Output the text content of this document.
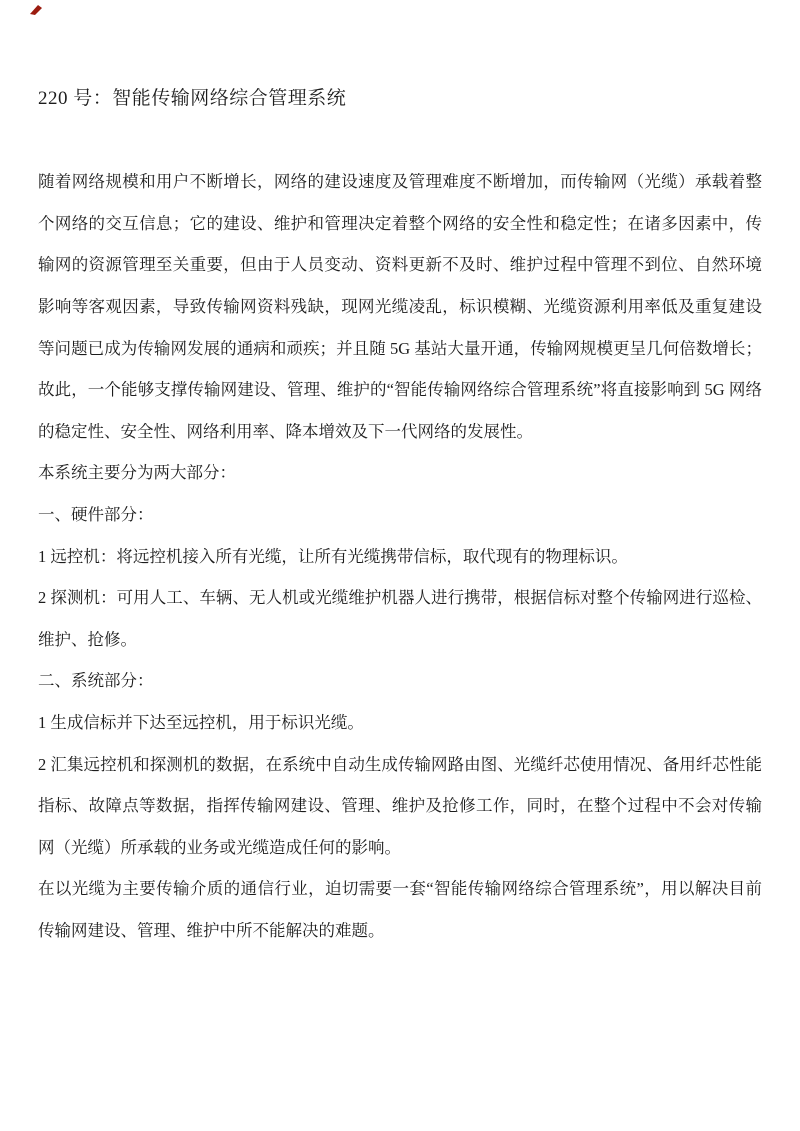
220 号：智能传输网络综合管理系统

随着网络规模和用户不断增长，网络的建设速度及管理难度不断增加，而传输网（光缆）承载着整个网络的交互信息；它的建设、维护和管理决定着整个网络的安全性和稳定性；在诸多因素中，传输网的资源管理至关重要，但由于人员变动、资料更新不及时、维护过程中管理不到位、自然环境影响等客观因素，导致传输网资料残缺，现网光缆凌乱，标识模糊、光缆资源利用率低及重复建设等问题已成为传输网发展的通病和顽疾；并且随 5G 基站大量开通，传输网规模更呈几何倍数增长；故此，一个能够支撑传输网建设、管理、维护的“智能传输网络综合管理系统”将直接影响到 5G 网络的稳定性、安全性、网络利用率、降本增效及下一代网络的发展性。

本系统主要分为两大部分：

一、硬件部分：

1 远控机：将远控机接入所有光缆，让所有光缆携带信标，取代现有的物理标识。

2 探测机：可用人工、车辆、无人机或光缆维护机器人进行携带，根据信标对整个传输网进行巡检、维护、抢修。

二、系统部分：

1 生成信标并下达至远控机，用于标识光缆。

2 汇集远控机和探测机的数据，在系统中自动生成传输网路由图、光缆纤芯使用情况、备用纤芯性能指标、故障点等数据，指挥传输网建设、管理、维护及抢修工作，同时，在整个过程中不会对传输网（光缆）所承载的业务或光缆造成任何的影响。

在以光缆为主要传输介质的通信行业，迫切需要一套“智能传输网络综合管理系统”，用以解决目前传输网建设、管理、维护中所不能解决的难题。
